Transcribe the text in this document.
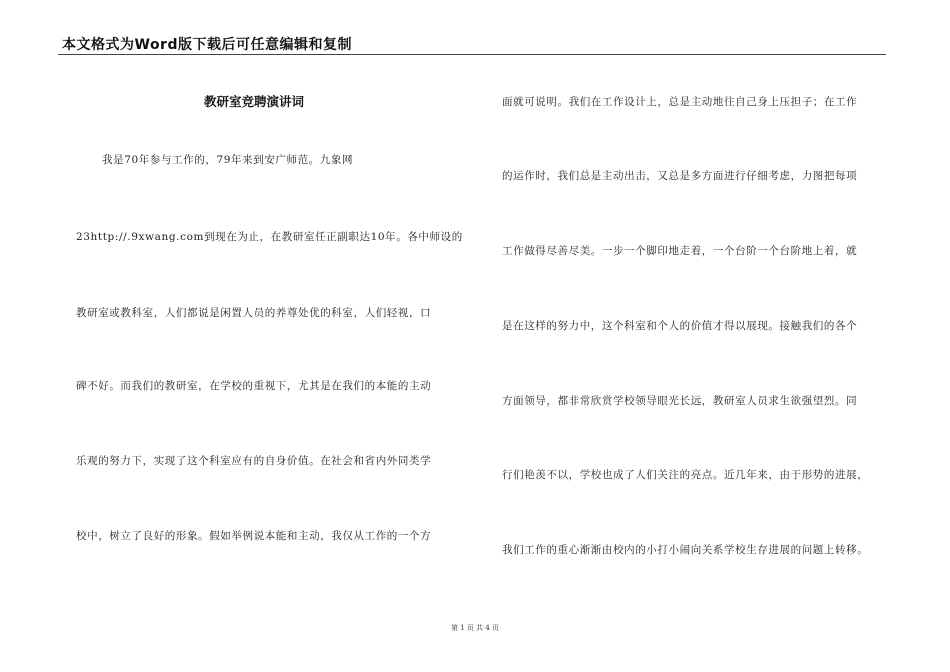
本文格式为Word版下载后可任意编辑和复制
教研室竞聘演讲词
我是70年参与工作的，79年来到安广师范。九象网
23http://.9xwang.com到现在为止，在教研室任正副职达10年。各中师设的
教研室或教科室，人们都说是闲置人员的养尊处优的科室，人们轻视，口
碑不好。而我们的教研室，在学校的重视下，尤其是在我们的本能的主动
乐观的努力下，实现了这个科室应有的自身价值。在社会和省内外同类学
校中，树立了良好的形象。假如举例说本能和主动，我仅从工作的一个方
面就可说明。我们在工作设计上，总是主动地往自己身上压担子；在工作
的运作时，我们总是主动出击，又总是多方面进行仔细考虑，力图把每项
工作做得尽善尽美。一步一个脚印地走着，一个台阶一个台阶地上着，就
是在这样的努力中，这个科室和个人的价值才得以展现。接触我们的各个
方面领导，都非常欣赏学校领导眼光长远，教研室人员求生欲强望烈。同
行们艳羡不以，学校也成了人们关注的亮点。近几年来，由于形势的进展，
我们工作的重心渐渐由校内的小打小闹向关系学校生存进展的问题上转移。
第 1 页 共 4 页
